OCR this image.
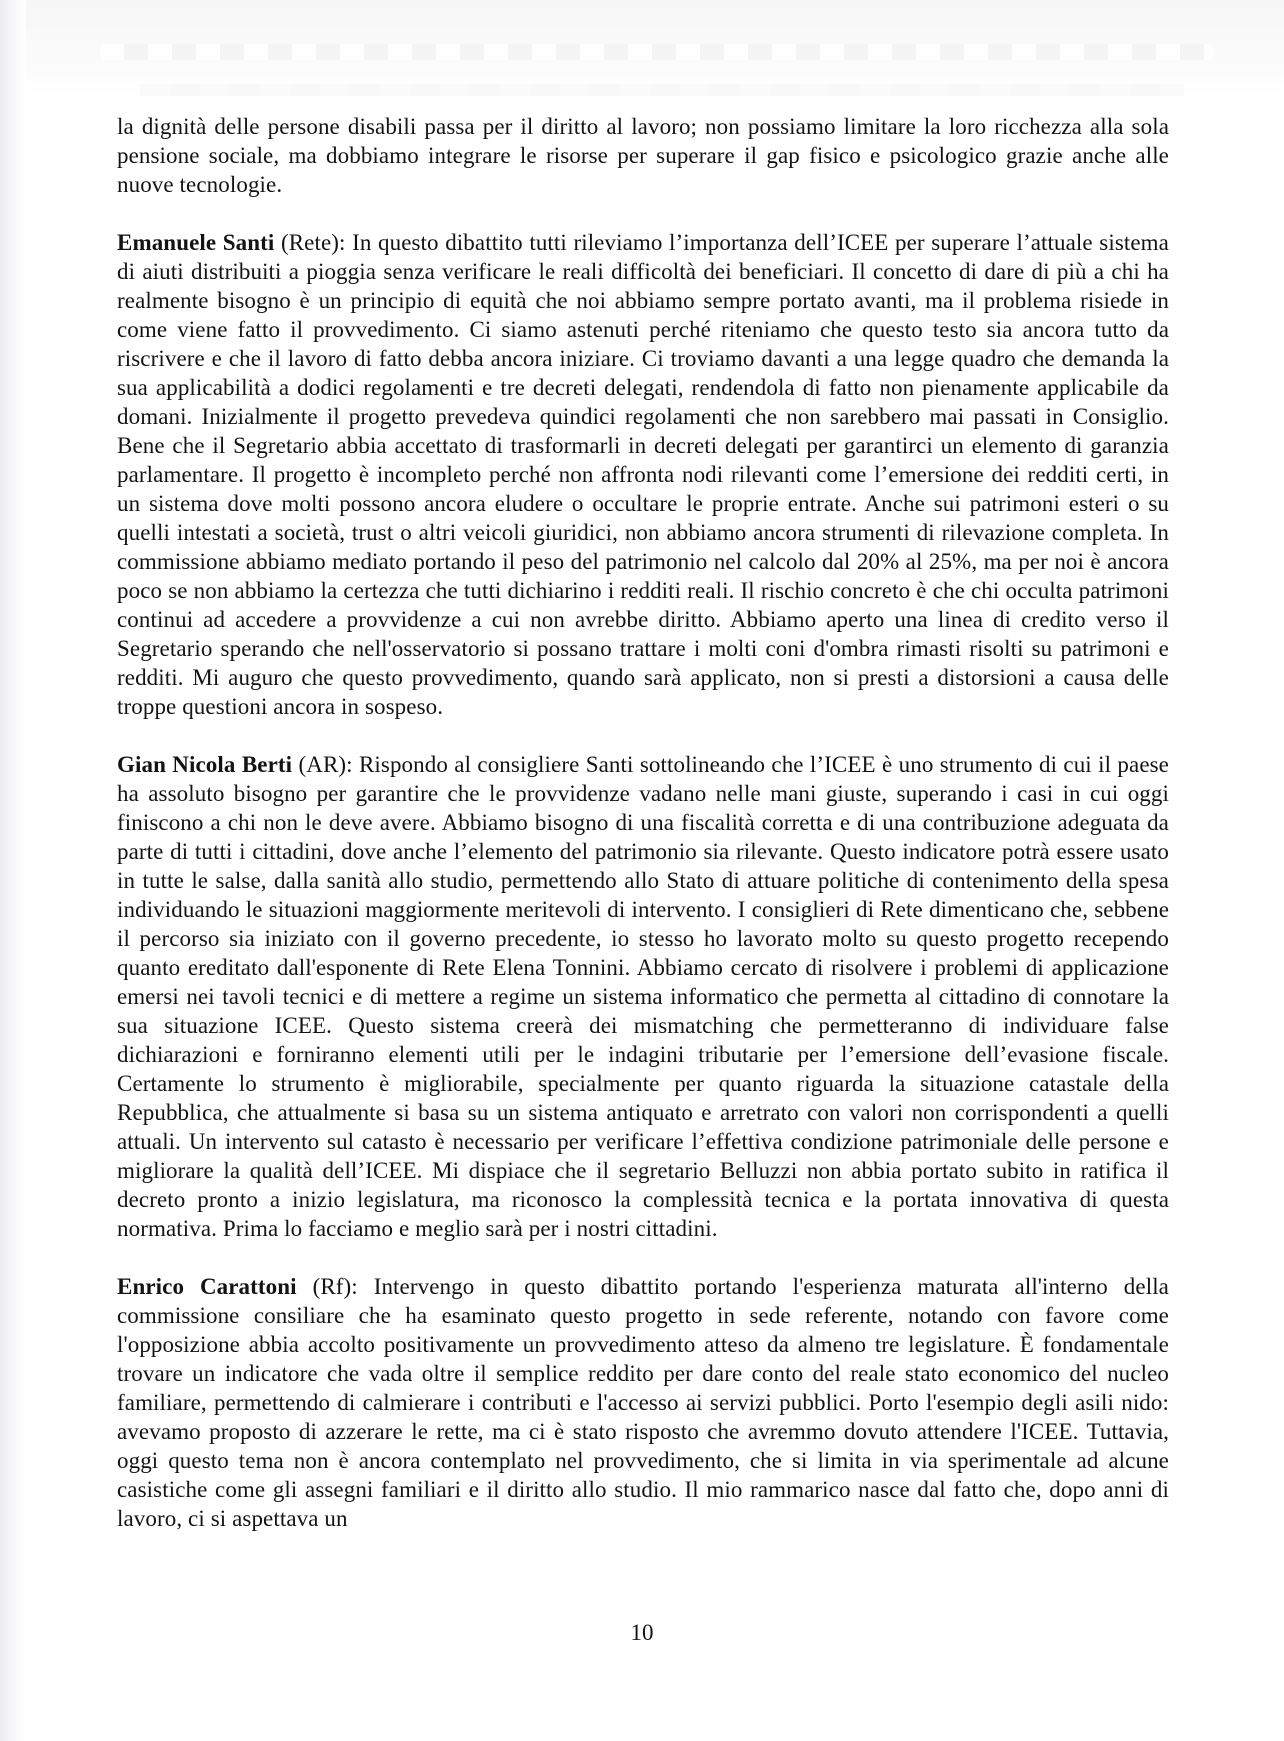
la dignità delle persone disabili passa per il diritto al lavoro; non possiamo limitare la loro ricchezza alla sola pensione sociale, ma dobbiamo integrare le risorse per superare il gap fisico e psicologico grazie anche alle nuove tecnologie.

Emanuele Santi (Rete): In questo dibattito tutti rileviamo l’importanza dell’ICEE per superare l’attuale sistema di aiuti distribuiti a pioggia senza verificare le reali difficoltà dei beneficiari. Il concetto di dare di più a chi ha realmente bisogno è un principio di equità che noi abbiamo sempre portato avanti, ma il problema risiede in come viene fatto il provvedimento. Ci siamo astenuti perché riteniamo che questo testo sia ancora tutto da riscrivere e che il lavoro di fatto debba ancora iniziare. Ci troviamo davanti a una legge quadro che demanda la sua applicabilità a dodici regolamenti e tre decreti delegati, rendendola di fatto non pienamente applicabile da domani. Inizialmente il progetto prevedeva quindici regolamenti che non sarebbero mai passati in Consiglio. Bene che il Segretario abbia accettato di trasformarli in decreti delegati per garantirci un elemento di garanzia parlamentare. Il progetto è incompleto perché non affronta nodi rilevanti come l’emersione dei redditi certi, in un sistema dove molti possono ancora eludere o occultare le proprie entrate. Anche sui patrimoni esteri o su quelli intestati a società, trust o altri veicoli giuridici, non abbiamo ancora strumenti di rilevazione completa. In commissione abbiamo mediato portando il peso del patrimonio nel calcolo dal 20% al 25%, ma per noi è ancora poco se non abbiamo la certezza che tutti dichiarino i redditi reali. Il rischio concreto è che chi occulta patrimoni continui ad accedere a provvidenze a cui non avrebbe diritto. Abbiamo aperto una linea di credito verso il Segretario sperando che nell'osservatorio si possano trattare i molti coni d'ombra rimasti risolti su patrimoni e redditi. Mi auguro che questo provvedimento, quando sarà applicato, non si presti a distorsioni a causa delle troppe questioni ancora in sospeso.

Gian Nicola Berti (AR): Rispondo al consigliere Santi sottolineando che l’ICEE è uno strumento di cui il paese ha assoluto bisogno per garantire che le provvidenze vadano nelle mani giuste, superando i casi in cui oggi finiscono a chi non le deve avere. Abbiamo bisogno di una fiscalità corretta e di una contribuzione adeguata da parte di tutti i cittadini, dove anche l’elemento del patrimonio sia rilevante. Questo indicatore potrà essere usato in tutte le salse, dalla sanità allo studio, permettendo allo Stato di attuare politiche di contenimento della spesa individuando le situazioni maggiormente meritevoli di intervento. I consiglieri di Rete dimenticano che, sebbene il percorso sia iniziato con il governo precedente, io stesso ho lavorato molto su questo progetto recependo quanto ereditato dall'esponente di Rete Elena Tonnini. Abbiamo cercato di risolvere i problemi di applicazione emersi nei tavoli tecnici e di mettere a regime un sistema informatico che permetta al cittadino di connotare la sua situazione ICEE. Questo sistema creerà dei mismatching che permetteranno di individuare false dichiarazioni e forniranno elementi utili per le indagini tributarie per l’emersione dell’evasione fiscale. Certamente lo strumento è migliorabile, specialmente per quanto riguarda la situazione catastale della Repubblica, che attualmente si basa su un sistema antiquato e arretrato con valori non corrispondenti a quelli attuali. Un intervento sul catasto è necessario per verificare l’effettiva condizione patrimoniale delle persone e migliorare la qualità dell’ICEE. Mi dispiace che il segretario Belluzzi non abbia portato subito in ratifica il decreto pronto a inizio legislatura, ma riconosco la complessità tecnica e la portata innovativa di questa normativa. Prima lo facciamo e meglio sarà per i nostri cittadini.

Enrico Carattoni (Rf): Intervengo in questo dibattito portando l'esperienza maturata all'interno della commissione consiliare che ha esaminato questo progetto in sede referente, notando con favore come l'opposizione abbia accolto positivamente un provvedimento atteso da almeno tre legislature. È fondamentale trovare un indicatore che vada oltre il semplice reddito per dare conto del reale stato economico del nucleo familiare, permettendo di calmierare i contributi e l'accesso ai servizi pubblici. Porto l'esempio degli asili nido: avevamo proposto di azzerare le rette, ma ci è stato risposto che avremmo dovuto attendere l'ICEE. Tuttavia, oggi questo tema non è ancora contemplato nel provvedimento, che si limita in via sperimentale ad alcune casistiche come gli assegni familiari e il diritto allo studio. Il mio rammarico nasce dal fatto che, dopo anni di lavoro, ci si aspettava un

10
